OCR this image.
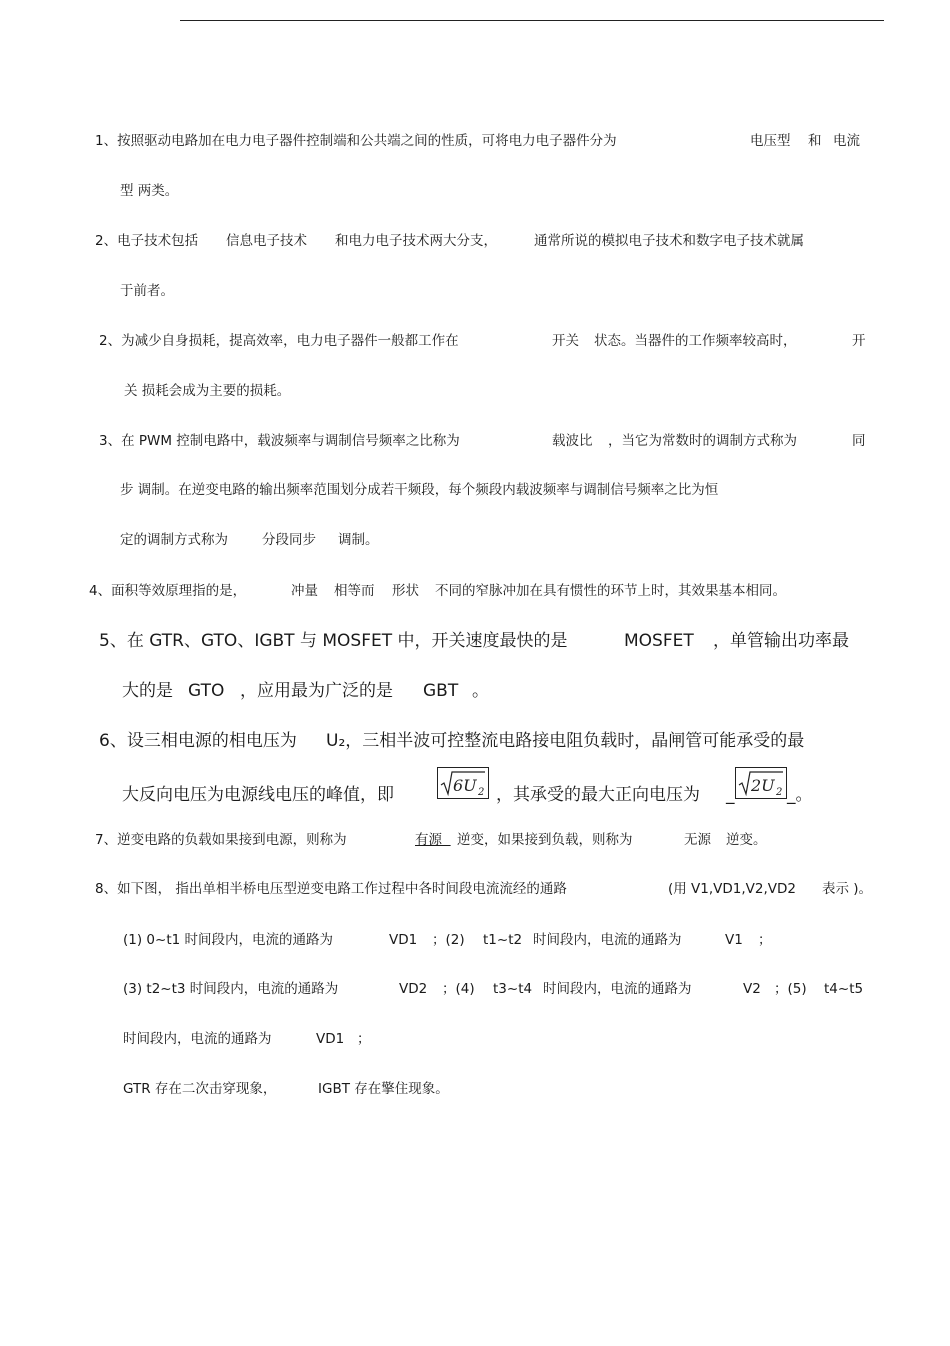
1、按照驱动电路加在电力电子器件控制端和公共端之间的性质，可将电力电子器件分为	电压型 和 电流
型 两类。
2、电子技术包括 信息电子技术 和电力电子技术两大分支，	通常所说的模拟电子技术和数字电子技术就属
于前者。
2、为减少自身损耗，提高效率，电力电子器件一般都工作在	开关 状态。当器件的工作频率较高时，	开
关 损耗会成为主要的损耗。
3、在 PWM 控制电路中，载波频率与调制信号频率之比称为	载波比 ，当它为常数时的调制方式称为	同
步 调制。在逆变电路的输出频率范围划分成若干频段，每个频段内载波频率与调制信号频率之比为恒
定的调制方式称为	分段同步 调制。
4、面积等效原理指的是，	冲量 相等而 形状 不同的窄脉冲加在具有惯性的环节上时，其效果基本相同。
5、在 GTR、GTO、IGBT 与 MOSFET 中，开关速度最快的是	MOSFET ，单管输出功率最
大的是 GTO ，应用最为广泛的是 GBT 。
6、设三相电源的相电压为 U₂，三相半波可控整流电路接电阻负载时，晶闸管可能承受的最
大反向电压为电源线电压的峰值，即	6U 2 ，其承受的最大正向电压为 _ 2U 2 _。
7、逆变电路的负载如果接到电源，则称为	有源	逆变，如果接到负载，则称为	无源 逆变。
8、如下图， 指出单相半桥电压型逆变电路工作过程中各时间段电流流经的通路	(用 V1,VD1,V2,VD2 表示 )。
(1) 0~t1 时间段内，电流的通路为	VD1 ；(2) t1~t2 时间段内，电流的通路为	V1 ；
(3) t2~t3 时间段内，电流的通路为	VD2 ；(4) t3~t4 时间段内，电流的通路为	V2 ；(5) t4~t5
时间段内，电流的通路为	VD1 ；
GTR 存在二次击穿现象，	IGBT 存在擎住现象。
